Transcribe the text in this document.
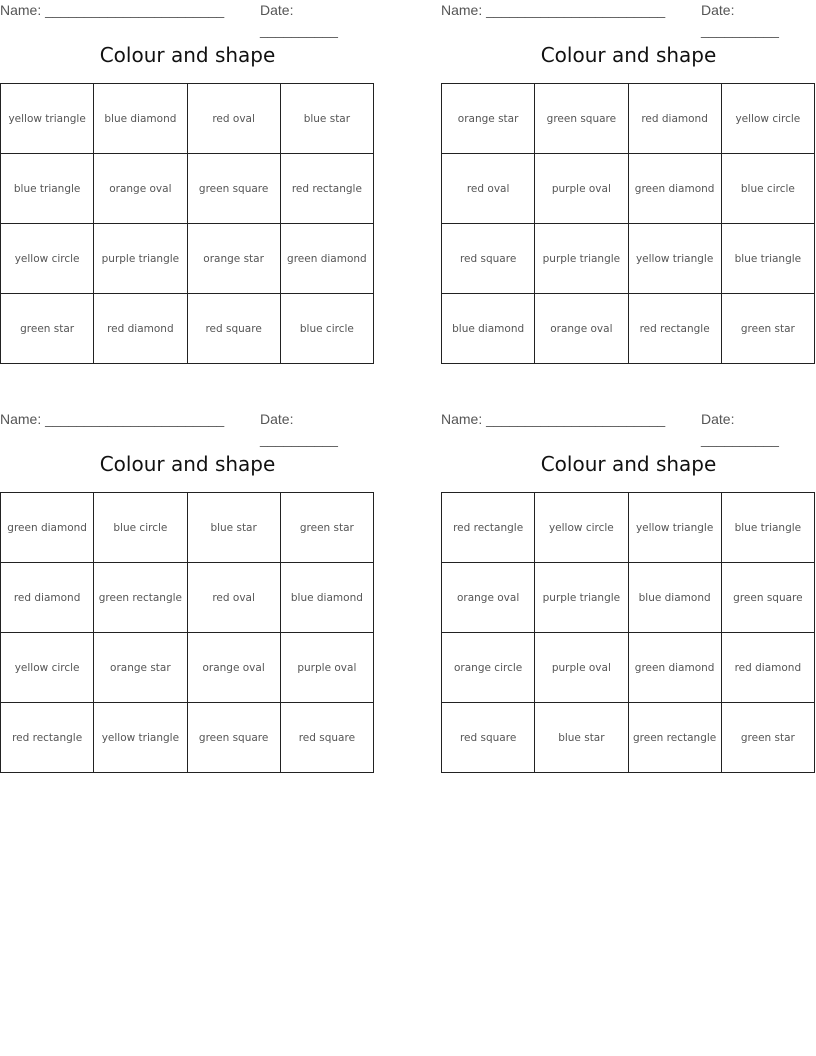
Name: _______________________	Date: __________
Colour and shape
yellow triangle	blue diamond	red oval	blue star
blue triangle	orange oval	green square	red rectangle
yellow circle	purple triangle	orange star	green diamond
green star	red diamond	red square	blue circle
Name: _______________________	Date: __________
Colour and shape
orange star	green square	red diamond	yellow circle
red oval	purple oval	green diamond	blue circle
red square	purple triangle	yellow triangle	blue triangle
blue diamond	orange oval	red rectangle	green star
Name: _______________________	Date: __________
Colour and shape
green diamond	blue circle	blue star	green star
red diamond	green rectangle	red oval	blue diamond
yellow circle	orange star	orange oval	purple oval
red rectangle	yellow triangle	green square	red square
Name: _______________________	Date: __________
Colour and shape
red rectangle	yellow circle	yellow triangle	blue triangle
orange oval	purple triangle	blue diamond	green square
orange circle	purple oval	green diamond	red diamond
red square	blue star	green rectangle	green star
